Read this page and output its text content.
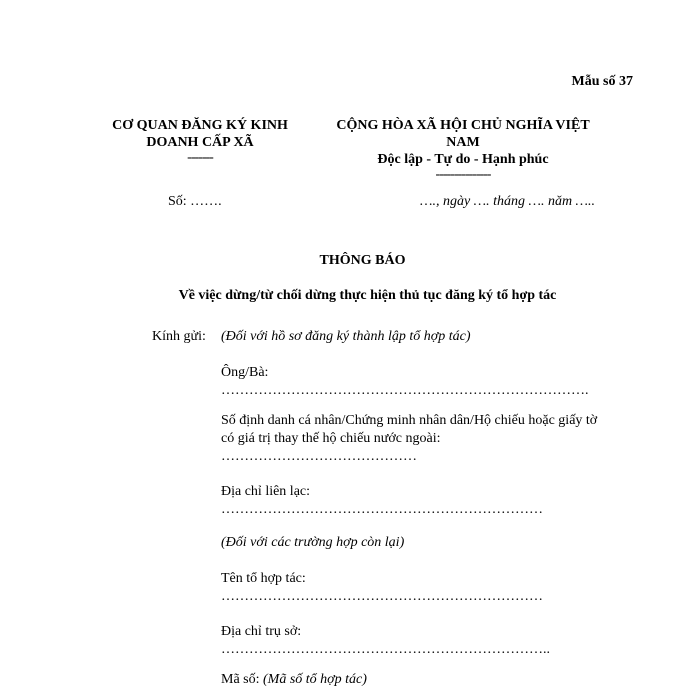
Mẫu số 37
CƠ QUAN ĐĂNG KÝ KINH
DOANH CẤP XÃ
-------
CỘNG HÒA XÃ HỘI CHỦ NGHĨA VIỆT
NAM
Độc lập - Tự do - Hạnh phúc
---------------
Số: …….	…., ngày …. tháng …. năm …..
THÔNG BÁO
Về việc dừng/từ chối dừng thực hiện thủ tục đăng ký tổ hợp tác
Kính gửi: (Đối với hồ sơ đăng ký thành lập tổ hợp tác)
Ông/Bà:
…………………………………………………………………….
Số định danh cá nhân/Chứng minh nhân dân/Hộ chiếu hoặc giấy tờ
có giá trị thay thế hộ chiếu nước ngoài:
……………………………………
Địa chỉ liên lạc:
……………………………………………………………
(Đối với các trường hợp còn lại)
Tên tổ hợp tác:
……………………………………………………………
Địa chỉ trụ sở:
……………………………………………………………..
Mã số: (Mã số tổ hợp tác)
